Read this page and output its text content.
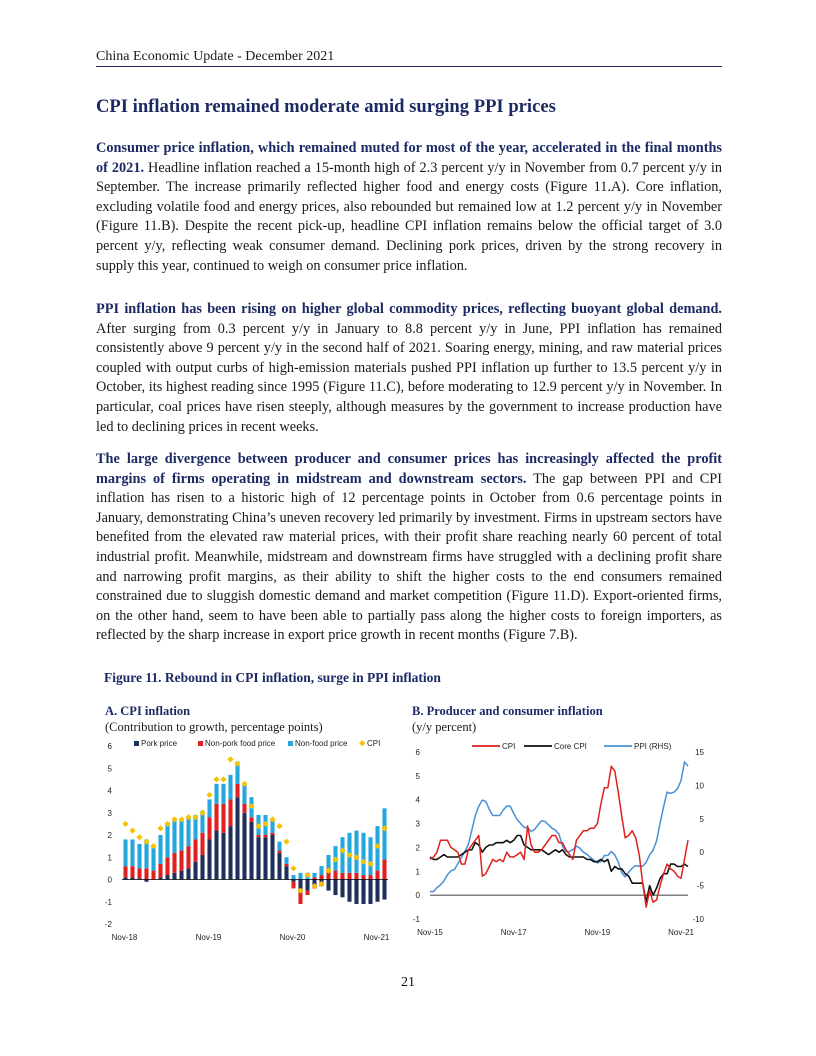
China Economic Update - December 2021
CPI inflation remained moderate amid surging PPI prices

Consumer price inflation, which remained muted for most of the year, accelerated in the final months of 2021. Headline inflation reached a 15-month high of 2.3 percent y/y in November from 0.7 percent y/y in September. The increase primarily reflected higher food and energy costs (Figure 11.A). Core inflation, excluding volatile food and energy prices, also rebounded but remained low at 1.2 percent y/y in November (Figure 11.B). Despite the recent pick-up, headline CPI inflation remains below the official target of 3.0 percent y/y, reflecting weak consumer demand. Declining pork prices, driven by the strong recovery in supply this year, continued to weigh on consumer price inflation.

PPI inflation has been rising on higher global commodity prices, reflecting buoyant global demand. After surging from 0.3 percent y/y in January to 8.8 percent y/y in June, PPI inflation has remained consistently above 9 percent y/y in the second half of 2021. Soaring energy, mining, and raw material prices coupled with output curbs of high-emission materials pushed PPI inflation up further to 13.5 percent y/y in October, its highest reading since 1995 (Figure 11.C), before moderating to 12.9 percent y/y in November. In particular, coal prices have risen steeply, although measures by the government to increase production have led to declining prices in recent weeks.

The large divergence between producer and consumer prices has increasingly affected the profit margins of firms operating in midstream and downstream sectors. The gap between PPI and CPI inflation has risen to a historic high of 12 percentage points in October from 0.6 percentage points in January, demonstrating China’s uneven recovery led primarily by investment. Firms in upstream sectors have benefited from the elevated raw material prices, with their profit share reaching nearly 60 percent of total industrial profit. Meanwhile, midstream and downstream firms have struggled with a declining profit share and narrowing profit margins, as their ability to shift the higher costs to the end consumers remained constrained due to sluggish domestic demand and market competition (Figure 11.D). Export-oriented firms, on the other hand, seem to have been able to partially pass along the higher costs to foreign importers, as reflected by the sharp increase in export price growth in recent months (Figure 7.B).

Figure 11. Rebound in CPI inflation, surge in PPI inflation
A. CPI inflation
(Contribution to growth, percentage points)
B. Producer and consumer inflation
(y/y percent)
-2
-1
0
1
2
3
4
5
6
Nov-18	Nov-19	Nov-20	Nov-21
Pork price	Non-pork food price Non-food price CPI
-1
0
1
2
3
4
5
6
-10
-5
0
5
10
15
Nov-15	Nov-17	Nov-19	Nov-21
CPI	Core CPI	PPI (RHS)
21
